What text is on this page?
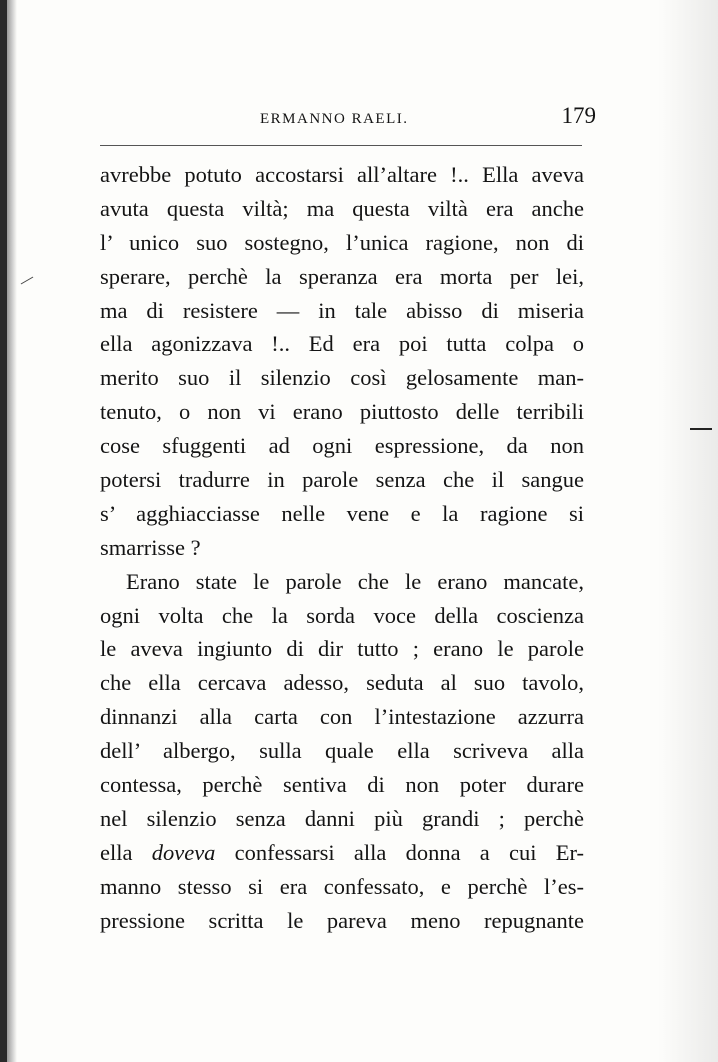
ERMANNO RAELI.	179
avrebbe potuto accostarsi all’altare !.. Ella aveva
avuta questa viltà; ma questa viltà era anche
l’ unico suo sostegno, l’unica ragione, non di
sperare, perchè la speranza era morta per lei,
ma di resistere — in tale abisso di miseria
ella agonizzava !.. Ed era poi tutta colpa o
merito suo il silenzio così gelosamente man-
tenuto, o non vi erano piuttosto delle terribili
cose sfuggenti ad ogni espressione, da non
potersi tradurre in parole senza che il sangue
s’ agghiacciasse nelle vene e la ragione si
smarrisse ?
Erano state le parole che le erano mancate,
ogni volta che la sorda voce della coscienza
le aveva ingiunto di dir tutto ; erano le parole
che ella cercava adesso, seduta al suo tavolo,
dinnanzi alla carta con l’intestazione azzurra
dell’ albergo, sulla quale ella scriveva alla
contessa, perchè sentiva di non poter durare
nel silenzio senza danni più grandi ; perchè
ella doveva confessarsi alla donna a cui Er-
manno stesso si era confessato, e perchè l’es-
pressione scritta le pareva meno repugnante
